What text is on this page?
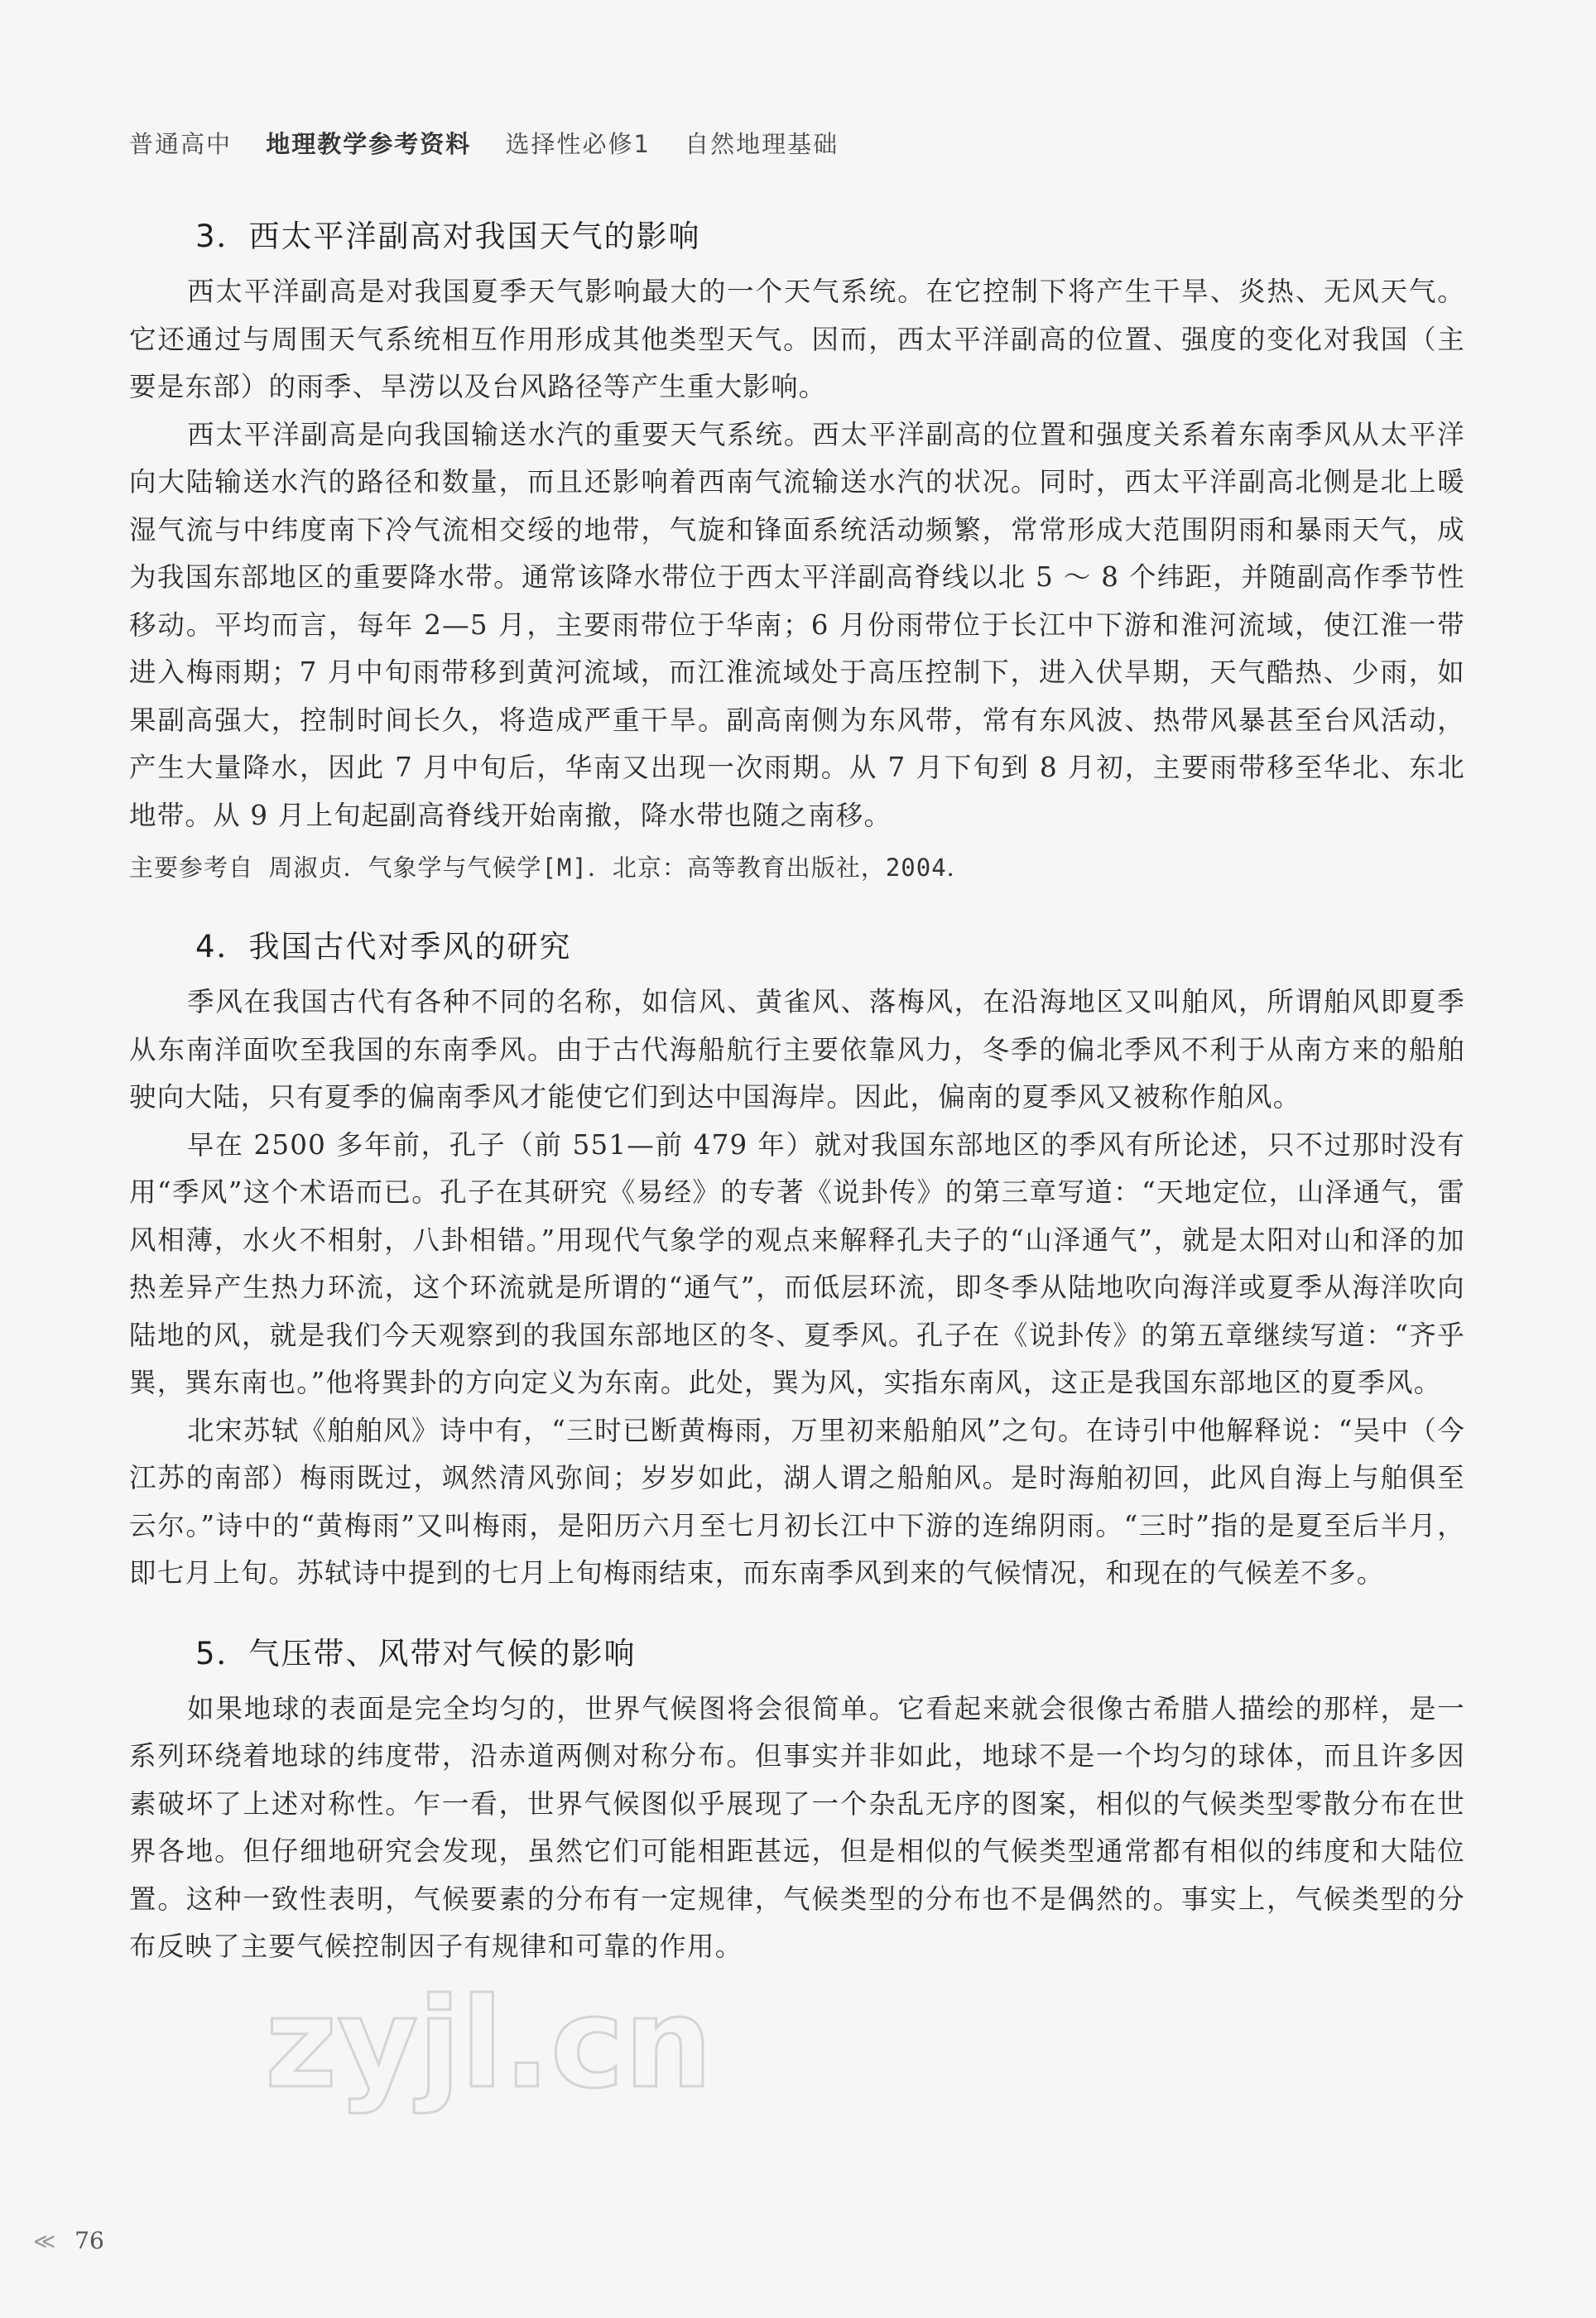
普通高中 地理教学参考资料 选择性必修1 自然地理基础
3．西太平洋副高对我国天气的影响

西太平洋副高是对我国夏季天气影响最大的一个天气系统。在它控制下将产生干旱、炎热、无风天气。它还通过与周围天气系统相互作用形成其他类型天气。因而，西太平洋副高的位置、强度的变化对我国（主要是东部）的雨季、旱涝以及台风路径等产生重大影响。

西太平洋副高是向我国输送水汽的重要天气系统。西太平洋副高的位置和强度关系着东南季风从太平洋向大陆输送水汽的路径和数量，而且还影响着西南气流输送水汽的状况。同时，西太平洋副高北侧是北上暖湿气流与中纬度南下冷气流相交绥的地带，气旋和锋面系统活动频繁，常常形成大范围阴雨和暴雨天气，成为我国东部地区的重要降水带。通常该降水带位于西太平洋副高脊线以北 5 ～ 8 个纬距，并随副高作季节性移动。平均而言，每年 2—5 月，主要雨带位于华南；6 月份雨带位于长江中下游和淮河流域，使江淮一带进入梅雨期；7 月中旬雨带移到黄河流域，而江淮流域处于高压控制下，进入伏旱期，天气酷热、少雨，如果副高强大，控制时间长久，将造成严重干旱。副高南侧为东风带，常有东风波、热带风暴甚至台风活动，产生大量降水，因此 7 月中旬后，华南又出现一次雨期。从 7 月下旬到 8 月初，主要雨带移至华北、东北地带。从 9 月上旬起副高脊线开始南撤，降水带也随之南移。

主要参考自 周淑贞．气象学与气候学[M]．北京：高等教育出版社，2004．

4．我国古代对季风的研究

季风在我国古代有各种不同的名称，如信风、黄雀风、落梅风，在沿海地区又叫舶风，所谓舶风即夏季从东南洋面吹至我国的东南季风。由于古代海船航行主要依靠风力，冬季的偏北季风不利于从南方来的船舶驶向大陆，只有夏季的偏南季风才能使它们到达中国海岸。因此，偏南的夏季风又被称作舶风。

早在 2500 多年前，孔子（前 551—前 479 年）就对我国东部地区的季风有所论述，只不过那时没有用“季风”这个术语而已。孔子在其研究《易经》的专著《说卦传》的第三章写道：“天地定位，山泽通气，雷风相薄，水火不相射，八卦相错。”用现代气象学的观点来解释孔夫子的“山泽通气”，就是太阳对山和泽的加热差异产生热力环流，这个环流就是所谓的“通气”，而低层环流，即冬季从陆地吹向海洋或夏季从海洋吹向陆地的风，就是我们今天观察到的我国东部地区的冬、夏季风。孔子在《说卦传》的第五章继续写道：“齐乎巽，巽东南也。”他将巽卦的方向定义为东南。此处，巽为风，实指东南风，这正是我国东部地区的夏季风。

北宋苏轼《舶舶风》诗中有，“三时已断黄梅雨，万里初来船舶风”之句。在诗引中他解释说：“吴中（今江苏的南部）梅雨既过，飒然清风弥间；岁岁如此，湖人谓之船舶风。是时海舶初回，此风自海上与舶俱至云尔。”诗中的“黄梅雨”又叫梅雨，是阳历六月至七月初长江中下游的连绵阴雨。“三时”指的是夏至后半月，即七月上旬。苏轼诗中提到的七月上旬梅雨结束，而东南季风到来的气候情况，和现在的气候差不多。

5．气压带、风带对气候的影响

如果地球的表面是完全均匀的，世界气候图将会很简单。它看起来就会很像古希腊人描绘的那样，是一系列环绕着地球的纬度带，沿赤道两侧对称分布。但事实并非如此，地球不是一个均匀的球体，而且许多因素破坏了上述对称性。乍一看，世界气候图似乎展现了一个杂乱无序的图案，相似的气候类型零散分布在世界各地。但仔细地研究会发现，虽然它们可能相距甚远，但是相似的气候类型通常都有相似的纬度和大陆位置。这种一致性表明，气候要素的分布有一定规律，气候类型的分布也不是偶然的。事实上，气候类型的分布反映了主要气候控制因子有规律和可靠的作用。

zyjl.cn
≪ 76
